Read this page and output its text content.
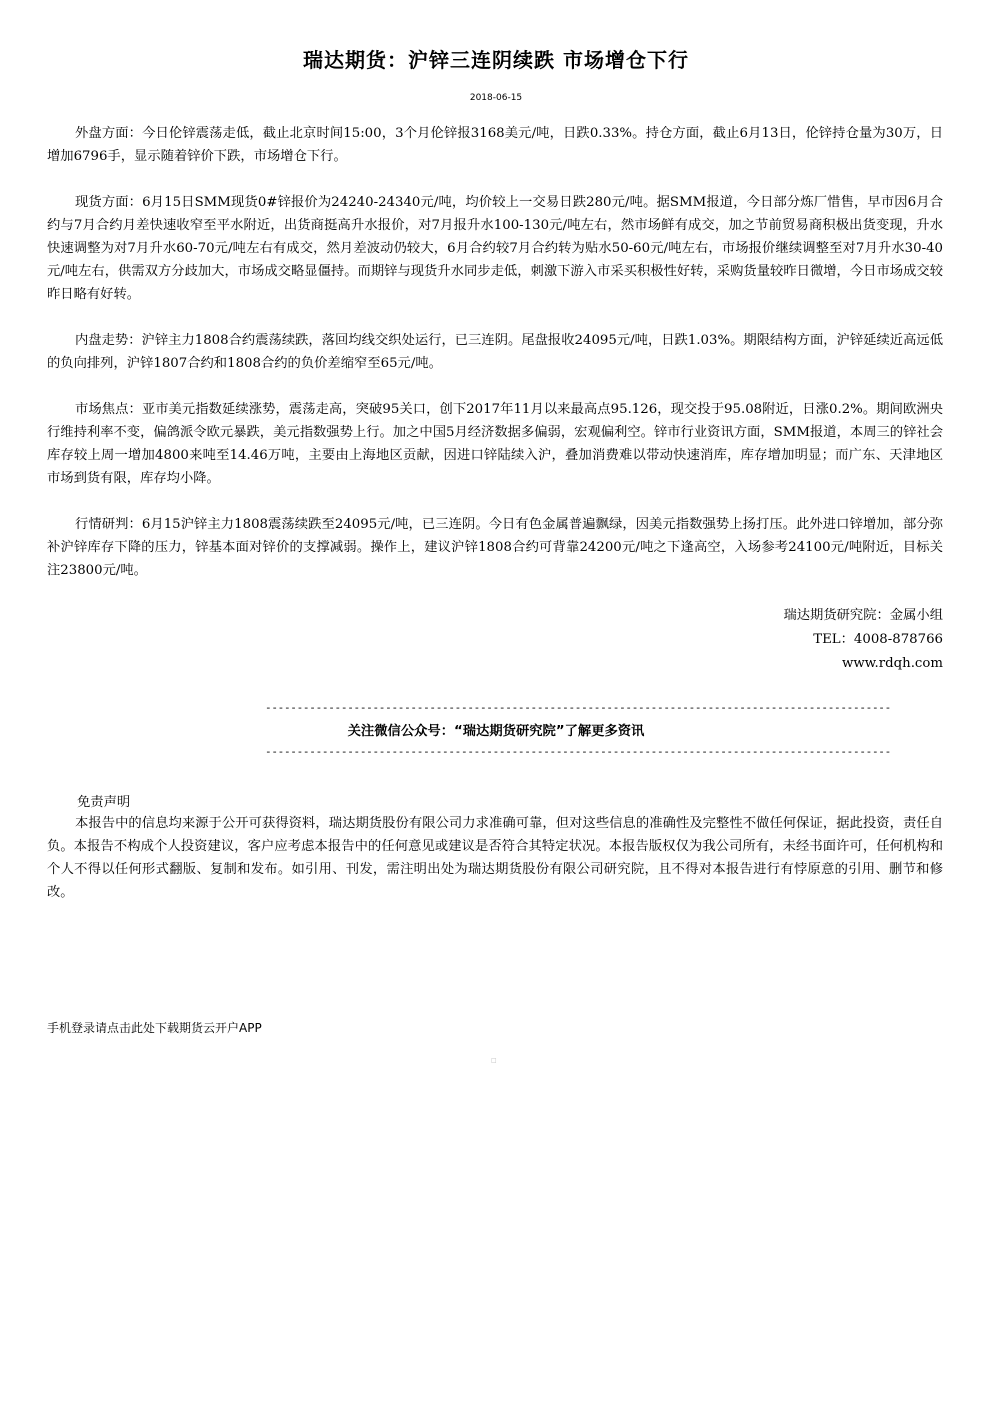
瑞达期货：沪锌三连阴续跌 市场增仓下行
2018-06-15

外盘方面：今日伦锌震荡走低，截止北京时间15:00，3个月伦锌报3168美元/吨，日跌0.33%。持仓方面，截止6月13日，伦锌持仓量为30万，日增加6796手，显示随着锌价下跌，市场增仓下行。

现货方面：6月15日SMM现货0#锌报价为24240-24340元/吨，均价较上一交易日跌280元/吨。据SMM报道，今日部分炼厂惜售，早市因6月合约与7月合约月差快速收窄至平水附近，出货商挺高升水报价，对7月报升水100-130元/吨左右，然市场鲜有成交，加之节前贸易商积极出货变现，升水快速调整为对7月升水60-70元/吨左右有成交，然月差波动仍较大，6月合约较7月合约转为贴水50-60元/吨左右，市场报价继续调整至对7月升水30-40元/吨左右，供需双方分歧加大，市场成交略显僵持。而期锌与现货升水同步走低，刺激下游入市采买积极性好转，采购货量较昨日微增，今日市场成交较昨日略有好转。

内盘走势：沪锌主力1808合约震荡续跌，落回均线交织处运行，已三连阴。尾盘报收24095元/吨，日跌1.03%。期限结构方面，沪锌延续近高远低的负向排列，沪锌1807合约和1808合约的负价差缩窄至65元/吨。

市场焦点：亚市美元指数延续涨势，震荡走高，突破95关口，创下2017年11月以来最高点95.126，现交投于95.08附近，日涨0.2%。期间欧洲央行维持利率不变，偏鸽派令欧元暴跌，美元指数强势上行。加之中国5月经济数据多偏弱，宏观偏利空。锌市行业资讯方面，SMM报道，本周三的锌社会库存较上周一增加4800来吨至14.46万吨，主要由上海地区贡献，因进口锌陆续入沪，叠加消费难以带动快速消库，库存增加明显；而广东、天津地区市场到货有限，库存均小降。

行情研判：6月15沪锌主力1808震荡续跌至24095元/吨，已三连阴。今日有色金属普遍飘绿，因美元指数强势上扬打压。此外进口锌增加，部分弥补沪锌库存下降的压力，锌基本面对锌价的支撑减弱。操作上，建议沪锌1808合约可背靠24200元/吨之下逢高空，入场参考24100元/吨附近，目标关注23800元/吨。

瑞达期货研究院：金属小组
TEL：4008-878766
www.rdqh.com
---------------------------------------------------------------------------------------------------
关注微信公众号：“瑞达期货研究院”了解更多资讯
---------------------------------------------------------------------------------------------------
免责声明

本报告中的信息均来源于公开可获得资料，瑞达期货股份有限公司力求准确可靠，但对这些信息的准确性及完整性不做任何保证，据此投资，责任自负。本报告不构成个人投资建议，客户应考虑本报告中的任何意见或建议是否符合其特定状况。本报告版权仅为我公司所有，未经书面许可，任何机构和个人不得以任何形式翻版、复制和发布。如引用、刊发，需注明出处为瑞达期货股份有限公司研究院，且不得对本报告进行有悖原意的引用、删节和修改。

手机登录请点击此处下载期货云开户APP
□
